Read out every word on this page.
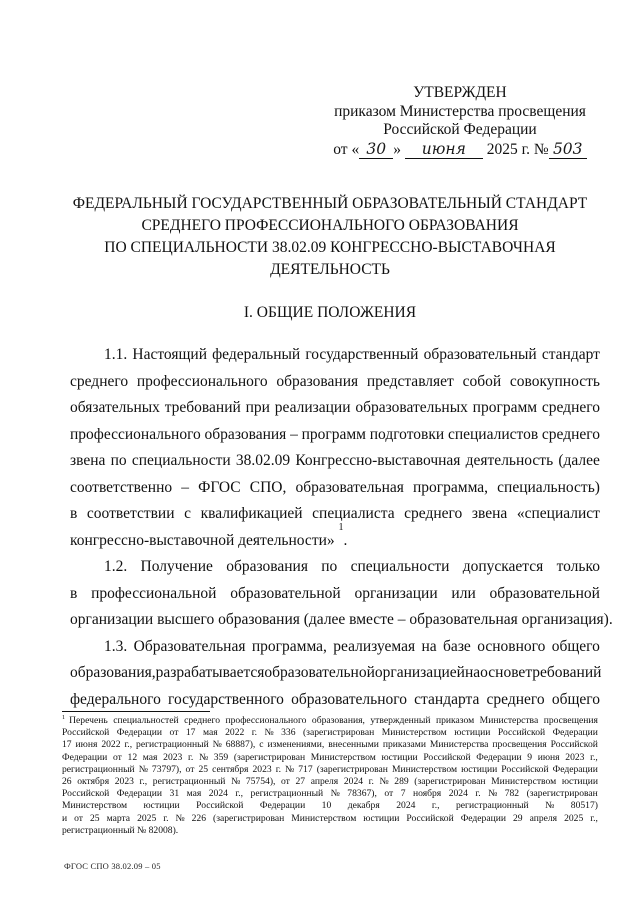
УТВЕРЖДЕН
приказом Министерства просвещения
Российской Федерации
от « 30 » июня 2025 г. № 503
ФЕДЕРАЛЬНЫЙ ГОСУДАРСТВЕННЫЙ ОБРАЗОВАТЕЛЬНЫЙ СТАНДАРТ
СРЕДНЕГО ПРОФЕССИОНАЛЬНОГО ОБРАЗОВАНИЯ
ПО СПЕЦИАЛЬНОСТИ 38.02.09 КОНГРЕССНО-ВЫСТАВОЧНАЯ
ДЕЯТЕЛЬНОСТЬ
I. ОБЩИЕ ПОЛОЖЕНИЯ
1.1. Настоящий федеральный государственный образовательный стандарт
среднего профессионального образования представляет собой совокупность
обязательных требований при реализации образовательных программ среднего
профессионального образования – программ подготовки специалистов среднего
звена по специальности 38.02.09 Конгрессно-выставочная деятельность (далее
соответственно – ФГОС СПО, образовательная программа, специальность)
в соответствии с квалификацией специалиста среднего звена «специалист
конгрессно-выставочной деятельности»

1
.
1.2. Получение образования по специальности допускается только
в профессиональной образовательной организации или образовательной
организации высшего образования (далее вместе – образовательная организация).
1.3. Образовательная программа, реализуемая на базе основного общего
образования, разрабатывается образовательной организацией на основе требований
федерального государственного образовательного стандарта среднего общего
$^1$ Перечень специальностей среднего профессионального образования, утвержденный приказом Министерства просвещения
Российской Федерации от 17 мая 2022 г. № 336 (зарегистрирован Министерством юстиции Российской Федерации
17 июня 2022 г., регистрационный № 68887), с изменениями, внесенными приказами Министерства просвещения Российской
Федерации от 12 мая 2023 г. № 359 (зарегистрирован Министерством юстиции Российской Федерации 9 июня 2023 г.,
регистрационный № 73797), от 25 сентября 2023 г. № 717 (зарегистрирован Министерством юстиции Российской Федерации
26 октября 2023 г., регистрационный № 75754), от 27 апреля 2024 г. № 289 (зарегистрирован Министерством юстиции
Российской Федерации 31 мая 2024 г., регистрационный № 78367), от 7 ноября 2024 г. № 782 (зарегистрирован
Министерством юстиции Российской Федерации 10 декабря 2024 г., регистрационный № 80517)
и от 25 марта 2025 г. № 226 (зарегистрирован Министерством юстиции Российской Федерации 29 апреля 2025 г.,
регистрационный № 82008).
ФГОС СПО 38.02.09 – 05
